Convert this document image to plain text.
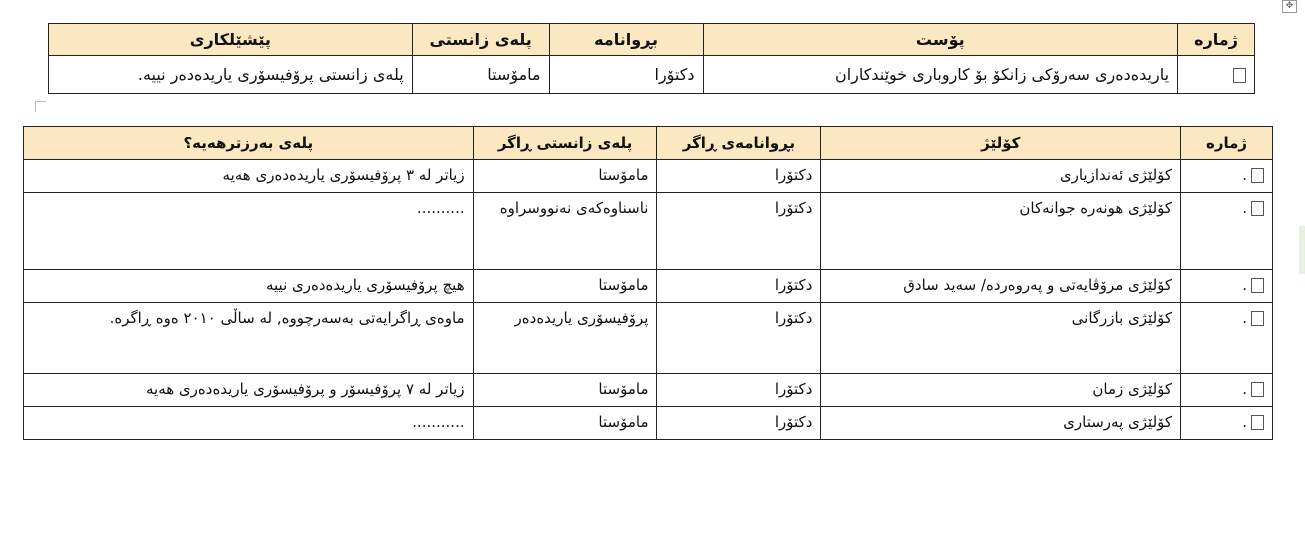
✥
ژمارە	پۆست	بڕوانامە	پلەی زانستی	پێشێلکاری
	یاریدەدەری سەرۆکی زانکۆ بۆ کاروباری خوێندکاران	دکتۆرا	مامۆستا	پلەی زانستی پرۆفیسۆری یاریدەدەر نییە.
ژمارە	کۆلێژ	بڕوانامەی ڕاگر	پلەی زانستی ڕاگر	پلەی بەرزترهەیە؟
.	کۆلێژی ئەندازیاری	دکتۆرا	مامۆستا	زیاتر لە ٣ پرۆفیسۆری یاریدەدەری هەیە
.	کۆلێژی هونەرە جوانەکان	دکتۆرا	ناسناوەکەی نەنووسراوە	..........
.	کۆلێژی مرۆڤایەتی و پەروەردە/ سەید سادق	دکتۆرا	مامۆستا	هیچ پرۆفیسۆری یاریدەدەری نییە
.	کۆلێژی بازرگانی	دکتۆرا	پرۆفیسۆری یاریدەدەر	ماوەی ڕاگرایەتی بەسەرچووە, لە ساڵی ٢٠١٠ ەوە ڕاگرە.
.	کۆلێژی زمان	دکتۆرا	مامۆستا	زیاتر لە ٧ پرۆفیسۆر و پرۆفیسۆری یاریدەدەری هەیە
.	کۆلێژی پەرستاری	دکتۆرا	مامۆستا	...........
